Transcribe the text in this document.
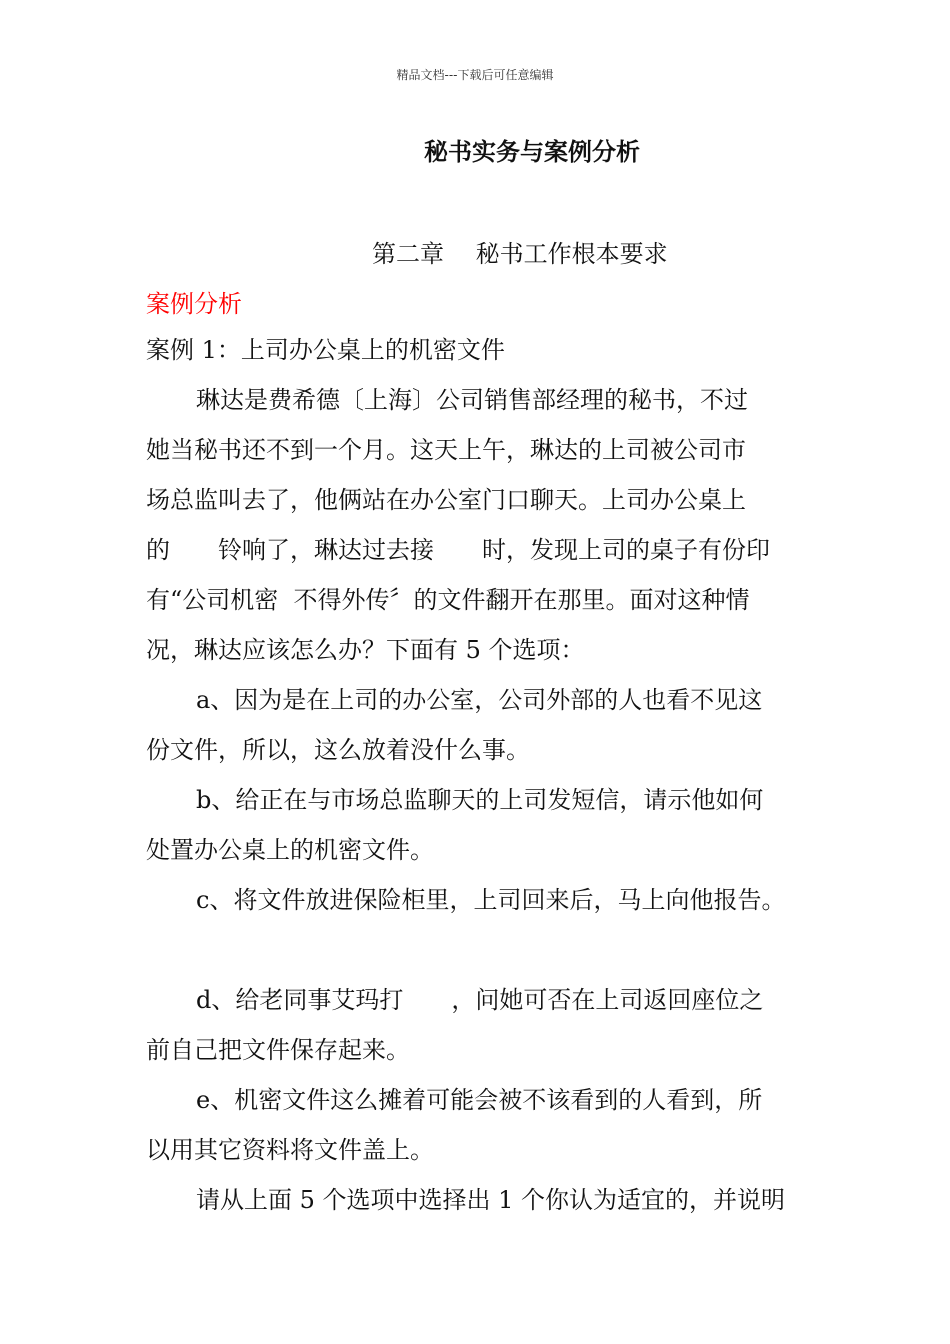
精品文档---下载后可任意编辑
秘书实务与案例分析
第二章　 秘书工作根本要求
案例分析
案例 1：上司办公桌上的机密文件
琳达是费希德〔上海〕公司销售部经理的秘书，不过
她当秘书还不到一个月。这天上午，琳达的上司被公司市
场总监叫去了，他俩站在办公室门口聊天。上司办公桌上
的　　铃响了，琳达过去接　　时，发现上司的桌子有份印
有“公司机密  不得外传〞的文件翻开在那里。面对这种情
况，琳达应该怎么办？下面有 5 个选项：
a、因为是在上司的办公室，公司外部的人也看不见这
份文件，所以，这么放着没什么事。
b、给正在与市场总监聊天的上司发短信，请示他如何
处置办公桌上的机密文件。
c、将文件放进保险柜里，上司回来后，马上向他报告。
d、给老同事艾玛打　　，问她可否在上司返回座位之
前自己把文件保存起来。
e、机密文件这么摊着可能会被不该看到的人看到，所
以用其它资料将文件盖上。
请从上面 5 个选项中选择出 1 个你认为适宜的，并说明
